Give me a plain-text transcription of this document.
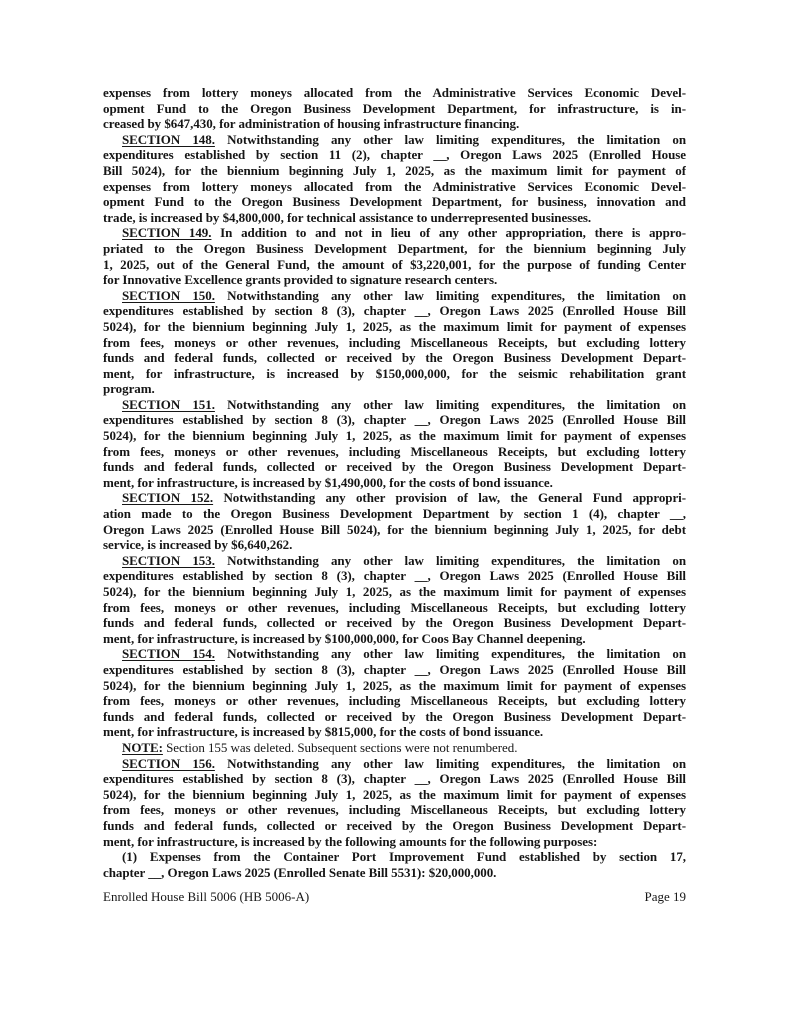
expenses from lottery moneys allocated from the Administrative Services Economic Devel-
opment Fund to the Oregon Business Development Department, for infrastructure, is in-
creased by $647,430, for administration of housing infrastructure financing.
SECTION 148. Notwithstanding any other law limiting expenditures, the limitation on
expenditures established by section 11 (2), chapter __, Oregon Laws 2025 (Enrolled House
Bill 5024), for the biennium beginning July 1, 2025, as the maximum limit for payment of
expenses from lottery moneys allocated from the Administrative Services Economic Devel-
opment Fund to the Oregon Business Development Department, for business, innovation and
trade, is increased by $4,800,000, for technical assistance to underrepresented businesses.
SECTION 149. In addition to and not in lieu of any other appropriation, there is appro-
priated to the Oregon Business Development Department, for the biennium beginning July
1, 2025, out of the General Fund, the amount of $3,220,001, for the purpose of funding Center
for Innovative Excellence grants provided to signature research centers.
SECTION 150. Notwithstanding any other law limiting expenditures, the limitation on
expenditures established by section 8 (3), chapter __, Oregon Laws 2025 (Enrolled House Bill
5024), for the biennium beginning July 1, 2025, as the maximum limit for payment of expenses
from fees, moneys or other revenues, including Miscellaneous Receipts, but excluding lottery
funds and federal funds, collected or received by the Oregon Business Development Depart-
ment, for infrastructure, is increased by $150,000,000, for the seismic rehabilitation grant
program.
SECTION 151. Notwithstanding any other law limiting expenditures, the limitation on
expenditures established by section 8 (3), chapter __, Oregon Laws 2025 (Enrolled House Bill
5024), for the biennium beginning July 1, 2025, as the maximum limit for payment of expenses
from fees, moneys or other revenues, including Miscellaneous Receipts, but excluding lottery
funds and federal funds, collected or received by the Oregon Business Development Depart-
ment, for infrastructure, is increased by $1,490,000, for the costs of bond issuance.
SECTION 152. Notwithstanding any other provision of law, the General Fund appropri-
ation made to the Oregon Business Development Department by section 1 (4), chapter __,
Oregon Laws 2025 (Enrolled House Bill 5024), for the biennium beginning July 1, 2025, for debt
service, is increased by $6,640,262.
SECTION 153. Notwithstanding any other law limiting expenditures, the limitation on
expenditures established by section 8 (3), chapter __, Oregon Laws 2025 (Enrolled House Bill
5024), for the biennium beginning July 1, 2025, as the maximum limit for payment of expenses
from fees, moneys or other revenues, including Miscellaneous Receipts, but excluding lottery
funds and federal funds, collected or received by the Oregon Business Development Depart-
ment, for infrastructure, is increased by $100,000,000, for Coos Bay Channel deepening.
SECTION 154. Notwithstanding any other law limiting expenditures, the limitation on
expenditures established by section 8 (3), chapter __, Oregon Laws 2025 (Enrolled House Bill
5024), for the biennium beginning July 1, 2025, as the maximum limit for payment of expenses
from fees, moneys or other revenues, including Miscellaneous Receipts, but excluding lottery
funds and federal funds, collected or received by the Oregon Business Development Depart-
ment, for infrastructure, is increased by $815,000, for the costs of bond issuance.
NOTE: Section 155 was deleted. Subsequent sections were not renumbered.
SECTION 156. Notwithstanding any other law limiting expenditures, the limitation on
expenditures established by section 8 (3), chapter __, Oregon Laws 2025 (Enrolled House Bill
5024), for the biennium beginning July 1, 2025, as the maximum limit for payment of expenses
from fees, moneys or other revenues, including Miscellaneous Receipts, but excluding lottery
funds and federal funds, collected or received by the Oregon Business Development Depart-
ment, for infrastructure, is increased by the following amounts for the following purposes:
(1) Expenses from the Container Port Improvement Fund established by section 17,
chapter __, Oregon Laws 2025 (Enrolled Senate Bill 5531): $20,000,000.
Enrolled House Bill 5006 (HB 5006-A)	Page 19
